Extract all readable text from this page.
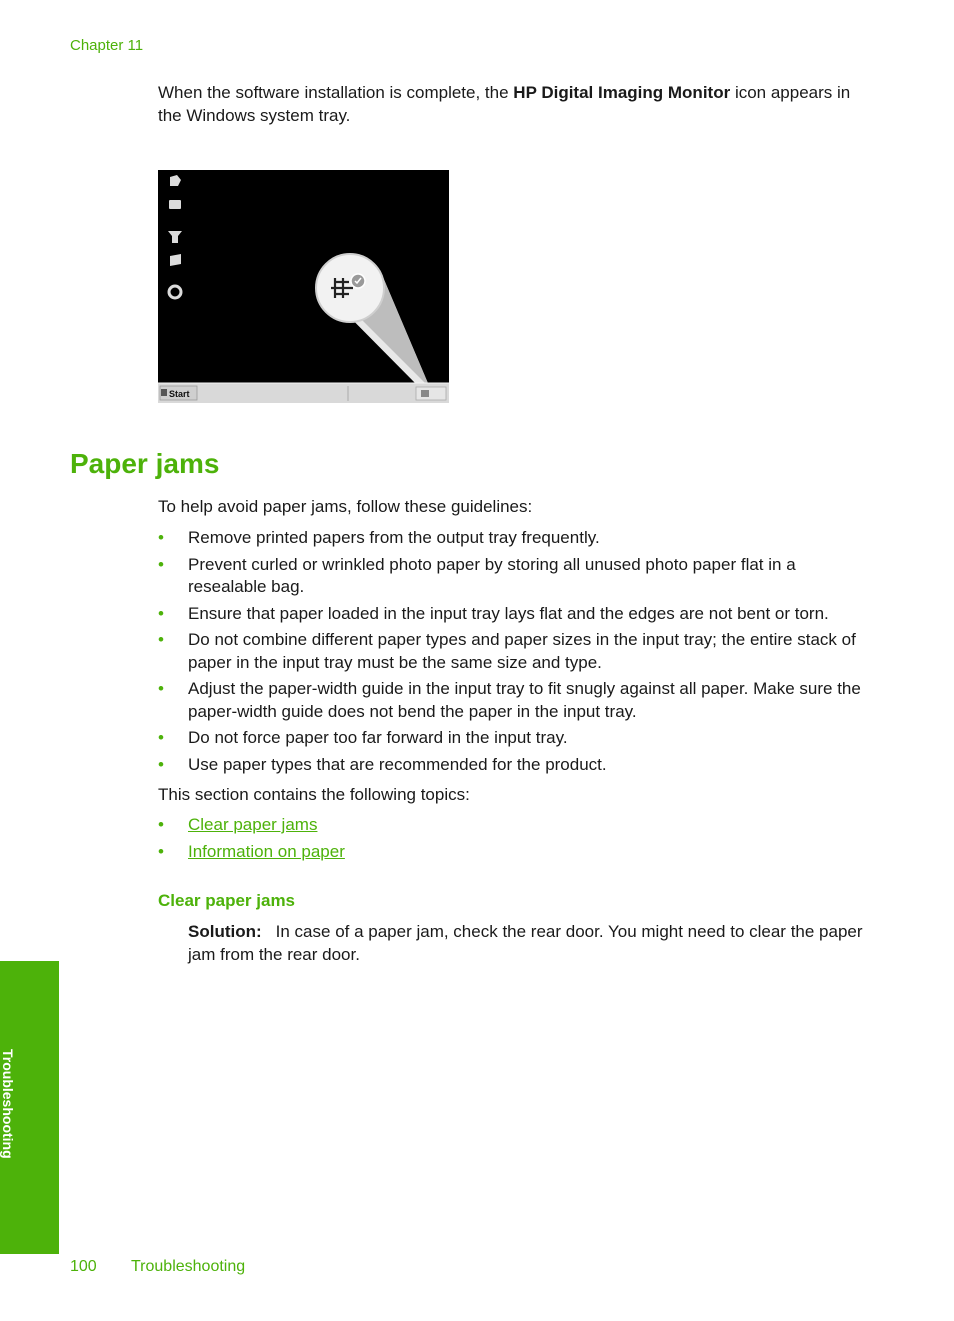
Chapter 11
When the software installation is complete, the HP Digital Imaging Monitor icon appears in the Windows system tray.
Start
Paper jams
To help avoid paper jams, follow these guidelines:
• Remove printed papers from the output tray frequently.
• Prevent curled or wrinkled photo paper by storing all unused photo paper flat in a resealable bag.
• Ensure that paper loaded in the input tray lays flat and the edges are not bent or torn.
• Do not combine different paper types and paper sizes in the input tray; the entire stack of paper in the input tray must be the same size and type.
• Adjust the paper-width guide in the input tray to fit snugly against all paper. Make sure the paper-width guide does not bend the paper in the input tray.
• Do not force paper too far forward in the input tray.
• Use paper types that are recommended for the product.
This section contains the following topics:
• Clear paper jams
• Information on paper
Clear paper jams
Solution: In case of a paper jam, check the rear door. You might need to clear the paper jam from the rear door.
Troubleshooting
100 Troubleshooting
